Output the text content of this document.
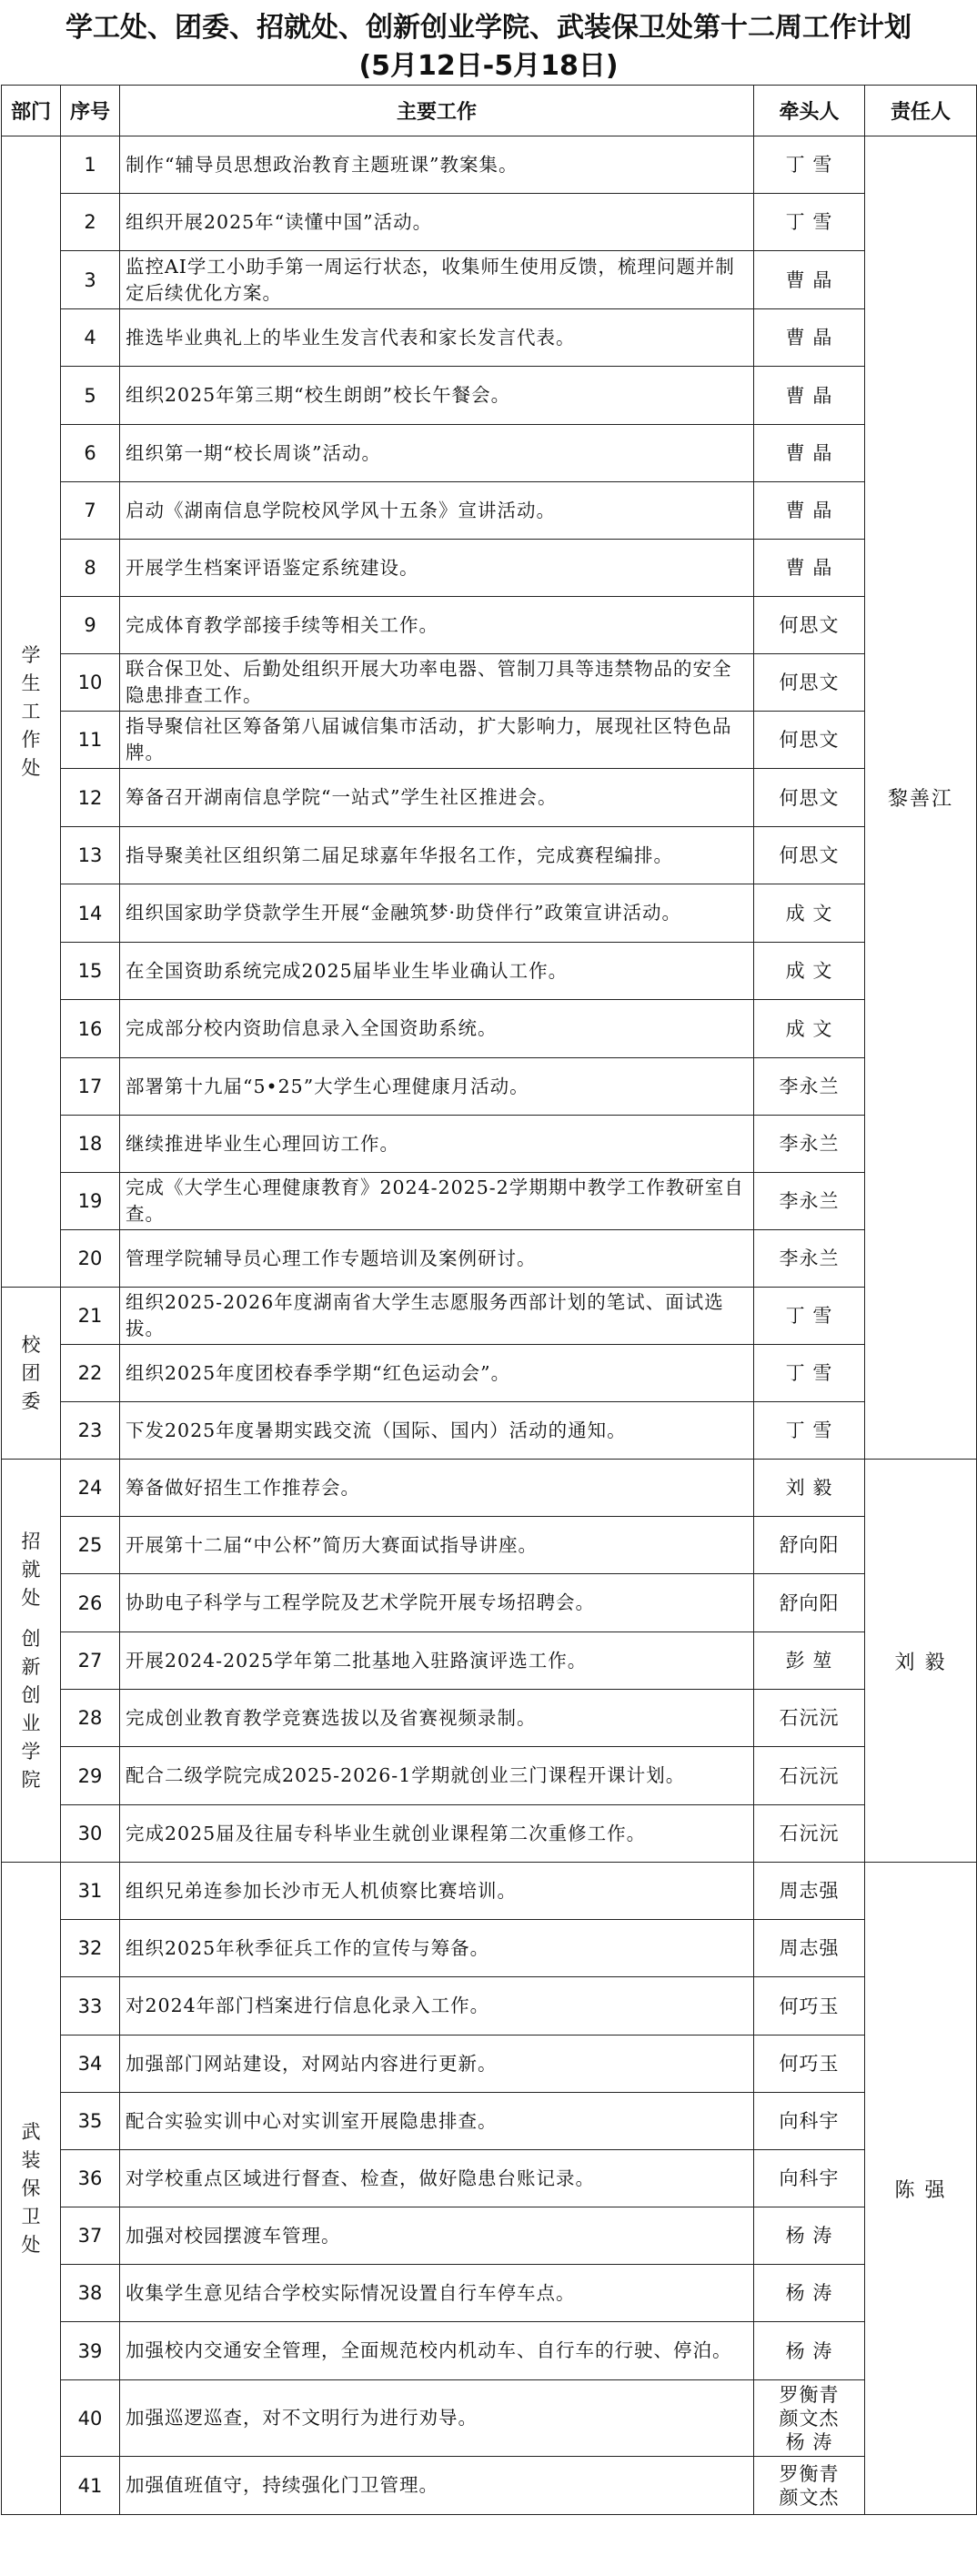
学工处、团委、招就处、创新创业学院、武装保卫处第十二周工作计划
(5月12日-5月18日)
部门	序号	主要工作	牵头人	责任人
学生工作处	1	制作“辅导员思想政治教育主题班课”教案集。	丁 雪	黎善江
	2	组织开展2025年“读懂中国”活动。	丁 雪	

	3	监控AI学工小助手第一周运行状态，收集师生使用反馈，梳理问题并制定后续优化方案。	曹 晶	

	4	推选毕业典礼上的毕业生发言代表和家长发言代表。	曹 晶	

	5	组织2025年第三期“校生朗朗”校长午餐会。	曹 晶	

	6	组织第一期“校长周谈”活动。	曹 晶	

	7	启动《湖南信息学院校风学风十五条》宣讲活动。	曹 晶	

	8	开展学生档案评语鉴定系统建设。	曹 晶	

	9	完成体育教学部接手续等相关工作。	何思文	

	10	联合保卫处、后勤处组织开展大功率电器、管制刀具等违禁物品的安全隐患排查工作。	何思文	

	11	指导聚信社区筹备第八届诚信集市活动，扩大影响力，展现社区特色品牌。	何思文	

	12	筹备召开湖南信息学院“一站式”学生社区推进会。	何思文	

	13	指导聚美社区组织第二届足球嘉年华报名工作，完成赛程编排。	何思文	

	14	组织国家助学贷款学生开展“金融筑梦·助贷伴行”政策宣讲活动。	成 文	

	15	在全国资助系统完成2025届毕业生毕业确认工作。	成 文	

	16	完成部分校内资助信息录入全国资助系统。	成 文	

	17	部署第十九届“5•25”大学生心理健康月活动。	李永兰	

	18	继续推进毕业生心理回访工作。	李永兰	

	19	完成《大学生心理健康教育》2024-2025-2学期期中教学工作教研室自查。	李永兰	

	20	管理学院辅导员心理工作专题培训及案例研讨。	李永兰	

校团委	21	组织2025-2026年度湖南省大学生志愿服务西部计划的笔试、面试选拔。	丁 雪	

	22	组织2025年度团校春季学期“红色运动会”。	丁 雪	

	23	下发2025年度暑期实践交流（国际、国内）活动的通知。	丁 雪	

招就处
创新创业学院	24	筹备做好招生工作推荐会。	刘 毅	刘 毅
	25	开展第十二届“中公杯”简历大赛面试指导讲座。	舒向阳	

	26	协助电子科学与工程学院及艺术学院开展专场招聘会。	舒向阳	

	27	开展2024-2025学年第二批基地入驻路演评选工作。	彭 堃	

	28	完成创业教育教学竞赛选拔以及省赛视频录制。	石沅沅	

	29	配合二级学院完成2025-2026-1学期就创业三门课程开课计划。	石沅沅	

	30	完成2025届及往届专科毕业生就创业课程第二次重修工作。	石沅沅	

武装保卫处	31	组织兄弟连参加长沙市无人机侦察比赛培训。	周志强	陈 强
	32	组织2025年秋季征兵工作的宣传与筹备。	周志强	

	33	对2024年部门档案进行信息化录入工作。	何巧玉	

	34	加强部门网站建设，对网站内容进行更新。	何巧玉	

	35	配合实验实训中心对实训室开展隐患排查。	向科宇	

	36	对学校重点区域进行督查、检查，做好隐患台账记录。	向科宇	

	37	加强对校园摆渡车管理。	杨 涛	

	38	收集学生意见结合学校实际情况设置自行车停车点。	杨 涛	

	39	加强校内交通安全管理，全面规范校内机动车、自行车的行驶、停泊。	杨 涛	

	40	加强巡逻巡查，对不文明行为进行劝导。	罗衡青
颜文杰
杨 涛	

	41	加强值班值守，持续强化门卫管理。	罗衡青
颜文杰	
